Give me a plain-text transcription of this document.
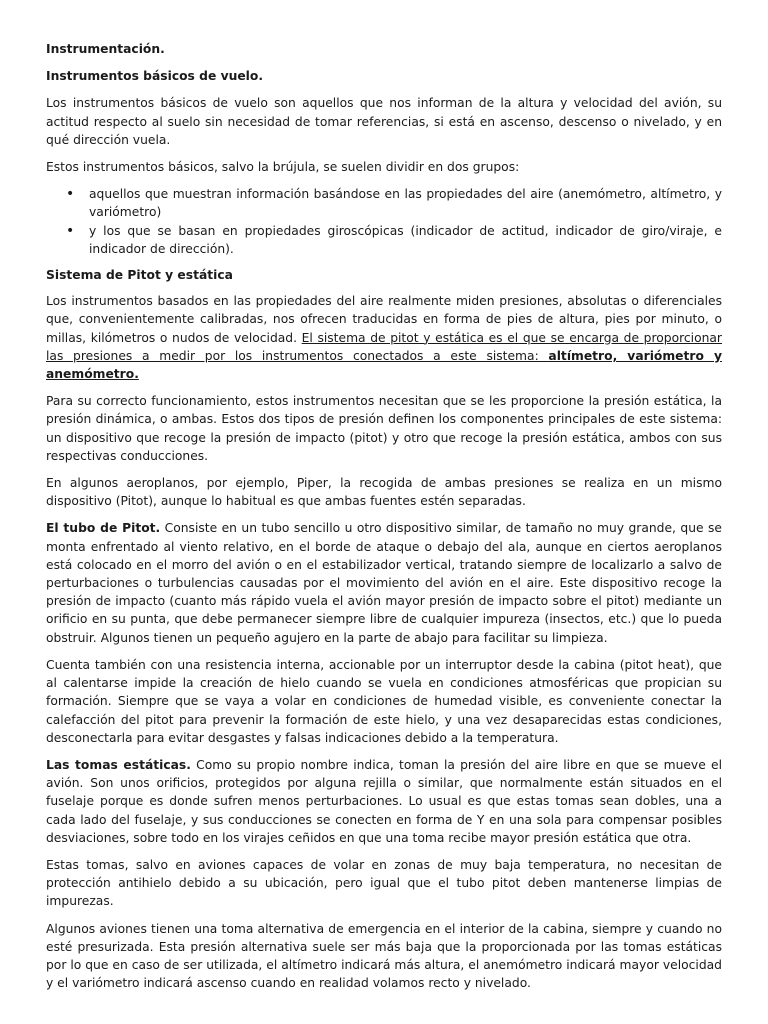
Instrumentación.

Instrumentos básicos de vuelo.

Los instrumentos básicos de vuelo son aquellos que nos informan de la altura y velocidad del avión, su actitud respecto al suelo sin necesidad de tomar referencias, si está en ascenso, descenso o nivelado, y en qué dirección vuela.

Estos instrumentos básicos, salvo la brújula, se suelen dividir en dos grupos:

• aquellos que muestran información basándose en las propiedades del aire (anemómetro, altímetro, y variómetro)
• y los que se basan en propiedades giroscópicas (indicador de actitud, indicador de giro/viraje, e indicador de dirección).

Sistema de Pitot y estática

Los instrumentos basados en las propiedades del aire realmente miden presiones, absolutas o diferenciales que, convenientemente calibradas, nos ofrecen traducidas en forma de pies de altura, pies por minuto, o millas, kilómetros o nudos de velocidad. El sistema de pitot y estática es el que se encarga de proporcionar las presiones a medir por los instrumentos conectados a este sistema: altímetro, variómetro y anemómetro.

Para su correcto funcionamiento, estos instrumentos necesitan que se les proporcione la presión estática, la presión dinámica, o ambas. Estos dos tipos de presión definen los componentes principales de este sistema: un dispositivo que recoge la presión de impacto (pitot) y otro que recoge la presión estática, ambos con sus respectivas conducciones.

En algunos aeroplanos, por ejemplo, Piper, la recogida de ambas presiones se realiza en un mismo dispositivo (Pitot), aunque lo habitual es que ambas fuentes estén separadas.

El tubo de Pitot. Consiste en un tubo sencillo u otro dispositivo similar, de tamaño no muy grande, que se monta enfrentado al viento relativo, en el borde de ataque o debajo del ala, aunque en ciertos aeroplanos está colocado en el morro del avión o en el estabilizador vertical, tratando siempre de localizarlo a salvo de perturbaciones o turbulencias causadas por el movimiento del avión en el aire. Este dispositivo recoge la presión de impacto (cuanto más rápido vuela el avión mayor presión de impacto sobre el pitot) mediante un orificio en su punta, que debe permanecer siempre libre de cualquier impureza (insectos, etc.) que lo pueda obstruir. Algunos tienen un pequeño agujero en la parte de abajo para facilitar su limpieza.

Cuenta también con una resistencia interna, accionable por un interruptor desde la cabina (pitot heat), que al calentarse impide la creación de hielo cuando se vuela en condiciones atmosféricas que propician su formación. Siempre que se vaya a volar en condiciones de humedad visible, es conveniente conectar la calefacción del pitot para prevenir la formación de este hielo, y una vez desaparecidas estas condiciones, desconectarla para evitar desgastes y falsas indicaciones debido a la temperatura.

Las tomas estáticas. Como su propio nombre indica, toman la presión del aire libre en que se mueve el avión. Son unos orificios, protegidos por alguna rejilla o similar, que normalmente están situados en el fuselaje porque es donde sufren menos perturbaciones. Lo usual es que estas tomas sean dobles, una a cada lado del fuselaje, y sus conducciones se conecten en forma de Y en una sola para compensar posibles desviaciones, sobre todo en los virajes ceñidos en que una toma recibe mayor presión estática que otra.

Estas tomas, salvo en aviones capaces de volar en zonas de muy baja temperatura, no necesitan de protección antihielo debido a su ubicación, pero igual que el tubo pitot deben mantenerse limpias de impurezas.

Algunos aviones tienen una toma alternativa de emergencia en el interior de la cabina, siempre y cuando no esté presurizada. Esta presión alternativa suele ser más baja que la proporcionada por las tomas estáticas por lo que en caso de ser utilizada, el altímetro indicará más altura, el anemómetro indicará mayor velocidad y el variómetro indicará ascenso cuando en realidad volamos recto y nivelado.
